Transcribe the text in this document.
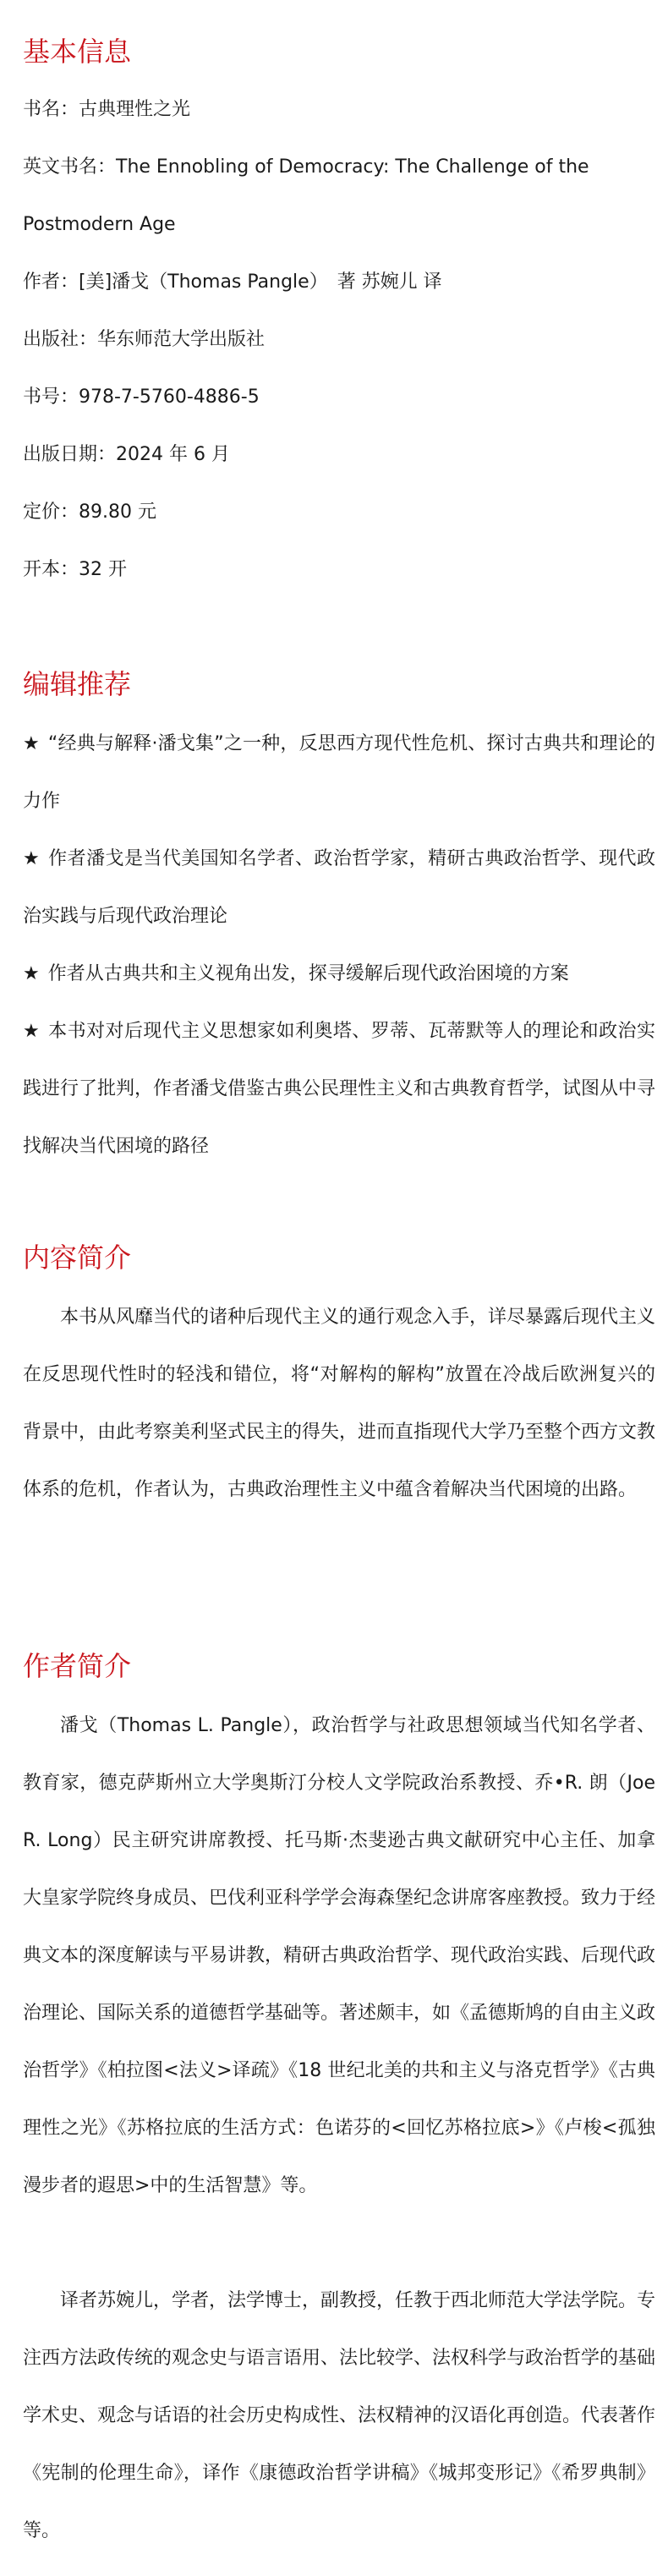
基本信息

书名：古典理性之光

英文书名：The Ennobling of Democracy: The Challenge of the

Postmodern Age

作者：[美]潘戈（Thomas Pangle）　著 苏婉儿 译

出版社：华东师范大学出版社

书号：978-7-5760-4886-5

出版日期：2024 年 6 月

定价：89.80 元

开本：32 开

编辑推荐

★ “经典与解释·潘戈集”之一种，反思西方现代性危机、探讨古典共和理论的力作

★ 作者潘戈是当代美国知名学者、政治哲学家，精研古典政治哲学、现代政治实践与后现代政治理论

★ 作者从古典共和主义视角出发，探寻缓解后现代政治困境的方案

★ 本书对对后现代主义思想家如利奥塔、罗蒂、瓦蒂默等人的理论和政治实践进行了批判，作者潘戈借鉴古典公民理性主义和古典教育哲学，试图从中寻找解决当代困境的路径

内容简介

本书从风靡当代的诸种后现代主义的通行观念入手，详尽暴露后现代主义在反思现代性时的轻浅和错位，将“对解构的解构”放置在冷战后欧洲复兴的背景中，由此考察美利坚式民主的得失，进而直指现代大学乃至整个西方文教体系的危机，作者认为，古典政治理性主义中蕴含着解决当代困境的出路。

作者简介

潘戈（Thomas L. Pangle），政治哲学与社政思想领域当代知名学者、教育家，德克萨斯州立大学奥斯汀分校人文学院政治系教授、乔•R. 朗（Joe R. Long）民主研究讲席教授、托马斯·杰斐逊古典文献研究中心主任、加拿大皇家学院终身成员、巴伐利亚科学学会海森堡纪念讲席客座教授。致力于经典文本的深度解读与平易讲教，精研古典政治哲学、现代政治实践、后现代政治理论、国际关系的道德哲学基础等。著述颇丰，如《孟德斯鸠的自由主义政治哲学》《柏拉图<法义>译疏》《18 世纪北美的共和主义与洛克哲学》《古典理性之光》《苏格拉底的生活方式：色诺芬的<回忆苏格拉底>》《卢梭<孤独漫步者的遐思>中的生活智慧》等。

译者苏婉儿，学者，法学博士，副教授，任教于西北师范大学法学院。专注西方法政传统的观念史与语言语用、法比较学、法权科学与政治哲学的基础学术史、观念与话语的社会历史构成性、法权精神的汉语化再创造。代表著作《宪制的伦理生命》，译作《康德政治哲学讲稿》《城邦变形记》《希罗典制》等。
